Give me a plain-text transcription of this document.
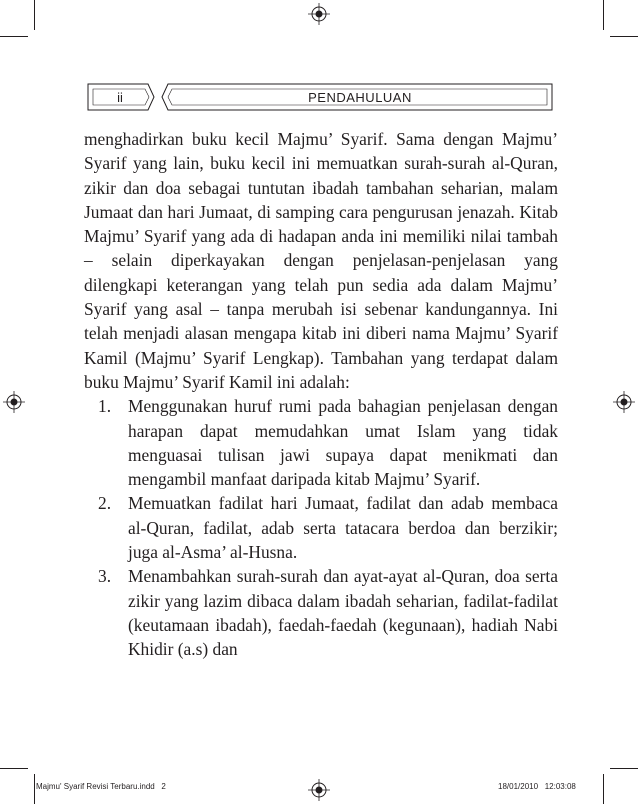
ii	PENDAHULUAN

menghadirkan buku kecil Majmu’ Syarif. Sama dengan Majmu’ Syarif yang lain, buku kecil ini memuatkan surah-surah al-Quran, zikir dan doa sebagai tuntutan ibadah tambahan seharian, malam Jumaat dan hari Jumaat, di samping cara pengurusan jenazah. Kitab Majmu’ Syarif yang ada di hadapan anda ini memiliki nilai tambah – selain diperkayakan dengan penjelasan-penjelasan yang dilengkapi keterangan yang telah pun sedia ada dalam Majmu’ Syarif yang asal – tanpa merubah isi sebenar kandungannya. Ini telah menjadi alasan mengapa kitab ini diberi nama Majmu’ Syarif Kamil (Majmu’ Syarif Lengkap). Tambahan yang terdapat dalam buku Majmu’ Syarif Kamil ini adalah:

1. Menggunakan huruf rumi pada bahagian penjelasan dengan harapan dapat memudahkan umat Islam yang tidak menguasai tulisan jawi supaya dapat menikmati dan mengambil manfaat daripada kitab Majmu’ Syarif.
2. Memuatkan fadilat hari Jumaat, fadilat dan adab membaca al-Quran, fadilat, adab serta tatacara berdoa dan berzikir; juga al-Asma’ al-Husna.
3. Menambahkan surah-surah dan ayat-ayat al-Quran, doa serta zikir yang lazim dibaca dalam ibadah seharian, fadilat-fadilat (keutamaan ibadah), faedah-faedah (kegunaan), hadiah Nabi Khidir (a.s) dan
Majmu' Syarif Revisi Terbaru.indd   2	18/01/2010   12:03:08
